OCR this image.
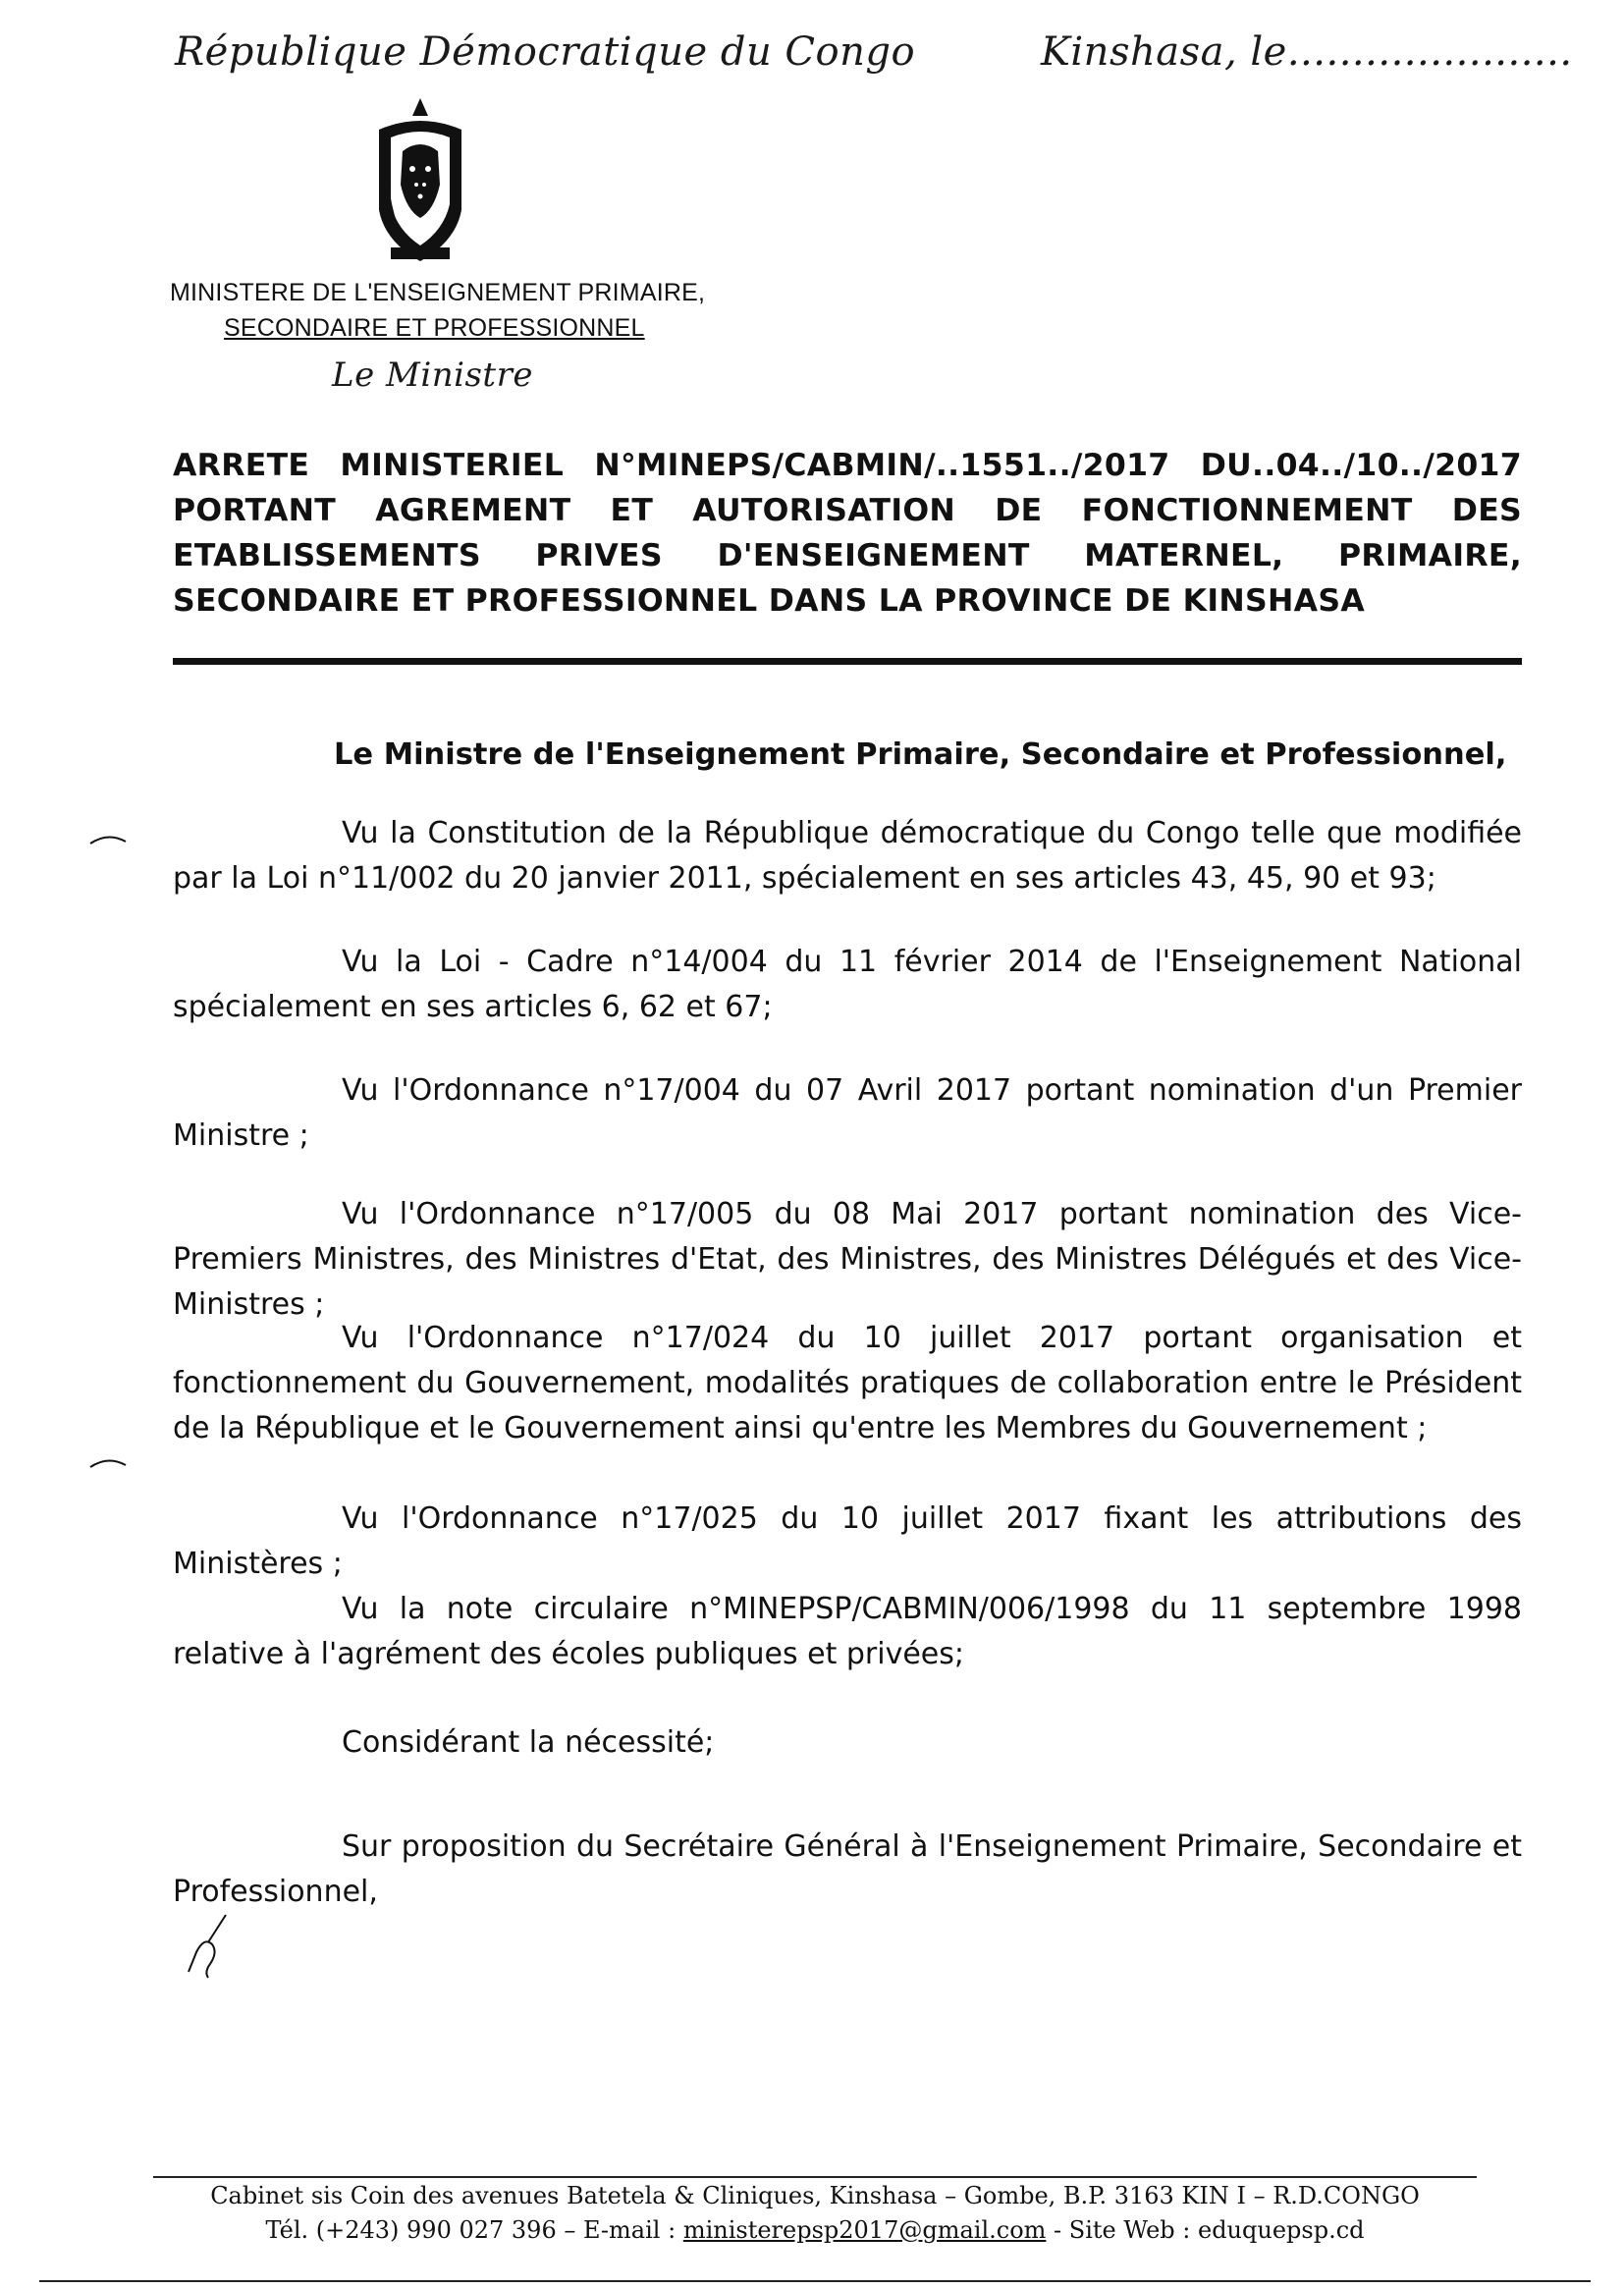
République Démocratique du Congo	Kinshasa, le......................
MINISTERE DE L'ENSEIGNEMENT PRIMAIRE,
SECONDAIRE ET PROFESSIONNEL
Le Ministre
ARRETE MINISTERIEL N°MINEPS/CABMIN/..1551../2017 DU..04../10../2017
PORTANT AGREMENT ET AUTORISATION DE FONCTIONNEMENT DES ETABLISSEMENTS PRIVES D'ENSEIGNEMENT MATERNEL, PRIMAIRE, SECONDAIRE ET PROFESSIONNEL DANS LA PROVINCE DE KINSHASA
Le Ministre de l'Enseignement Primaire, Secondaire et Professionnel,
Vu la Constitution de la République démocratique du Congo telle que modifiée par la Loi n°11/002 du 20 janvier 2011, spécialement en ses articles 43, 45, 90 et 93;
Vu la Loi - Cadre n°14/004 du 11 février 2014 de l'Enseignement National spécialement en ses articles 6, 62 et 67;
Vu l'Ordonnance n°17/004 du 07 Avril 2017 portant nomination d'un Premier Ministre ;
Vu l'Ordonnance n°17/005 du 08 Mai 2017 portant nomination des Vice-Premiers Ministres, des Ministres d'Etat, des Ministres, des Ministres Délégués et des Vice-Ministres ;
Vu l'Ordonnance n°17/024 du 10 juillet 2017 portant organisation et fonctionnement du Gouvernement, modalités pratiques de collaboration entre le Président de la République et le Gouvernement ainsi qu'entre les Membres du Gouvernement ;
Vu l'Ordonnance n°17/025 du 10 juillet 2017 fixant les attributions des Ministères ;
Vu la note circulaire n°MINEPSP/CABMIN/006/1998 du 11 septembre 1998 relative à l'agrément des écoles publiques et privées;
Considérant la nécessité;
Sur proposition du Secrétaire Général à l'Enseignement Primaire, Secondaire et Professionnel,
Cabinet sis Coin des avenues Batetela & Cliniques, Kinshasa – Gombe, B.P. 3163 KIN I – R.D.CONGO
Tél. (+243) 990 027 396 – E-mail : ministerepsp2017@gmail.com - Site Web : eduquepsp.cd
